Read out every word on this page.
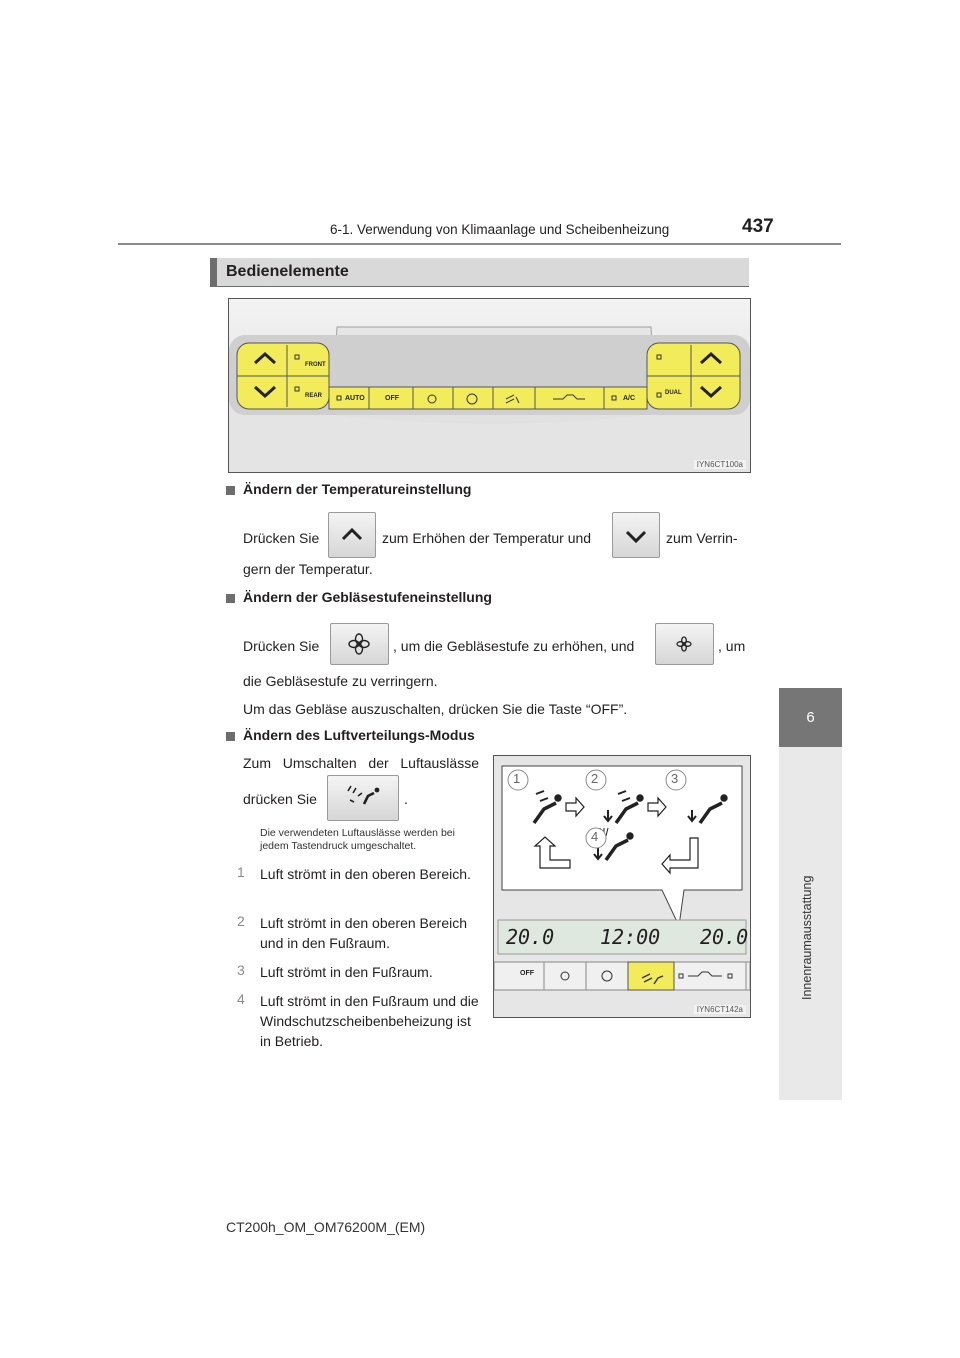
6-1. Verwendung von Klimaanlage und Scheibenheizung	437
6
Innenraumausstattung
Bedienelemente
FRONT
REAR	AUTO	OFF	A/C
DUAL
IYN6CT100a
Ändern der Temperatureinstellung
Drücken Sie	zum Erhöhen der Temperatur und	zum Verrin-
gern der Temperatur.
Ändern der Gebläsestufeneinstellung
Drücken Sie	, um die Gebläsestufe zu erhöhen, und	, um
die Gebläsestufe zu verringern.
Um das Gebläse auszuschalten, drücken Sie die Taste “OFF”.
Ändern des Luftverteilungs-Modus
Zum Umschalten der Luftauslässe
drücken Sie	.
Die verwendeten Luftauslässe werden bei jedem Tastendruck umgeschaltet.
1 Luft strömt in den oberen Bereich.
2 Luft strömt in den oberen Bereich und in den Fußraum.
3 Luft strömt in den Fußraum.
4 Luft strömt in den Fußraum und die Windschutzscheibenbeheizung ist in Betrieb.
1	2	3
4
20.0 12:00 20.0
OFF
IYN6CT142a
CT200h_OM_OM76200M_(EM)
